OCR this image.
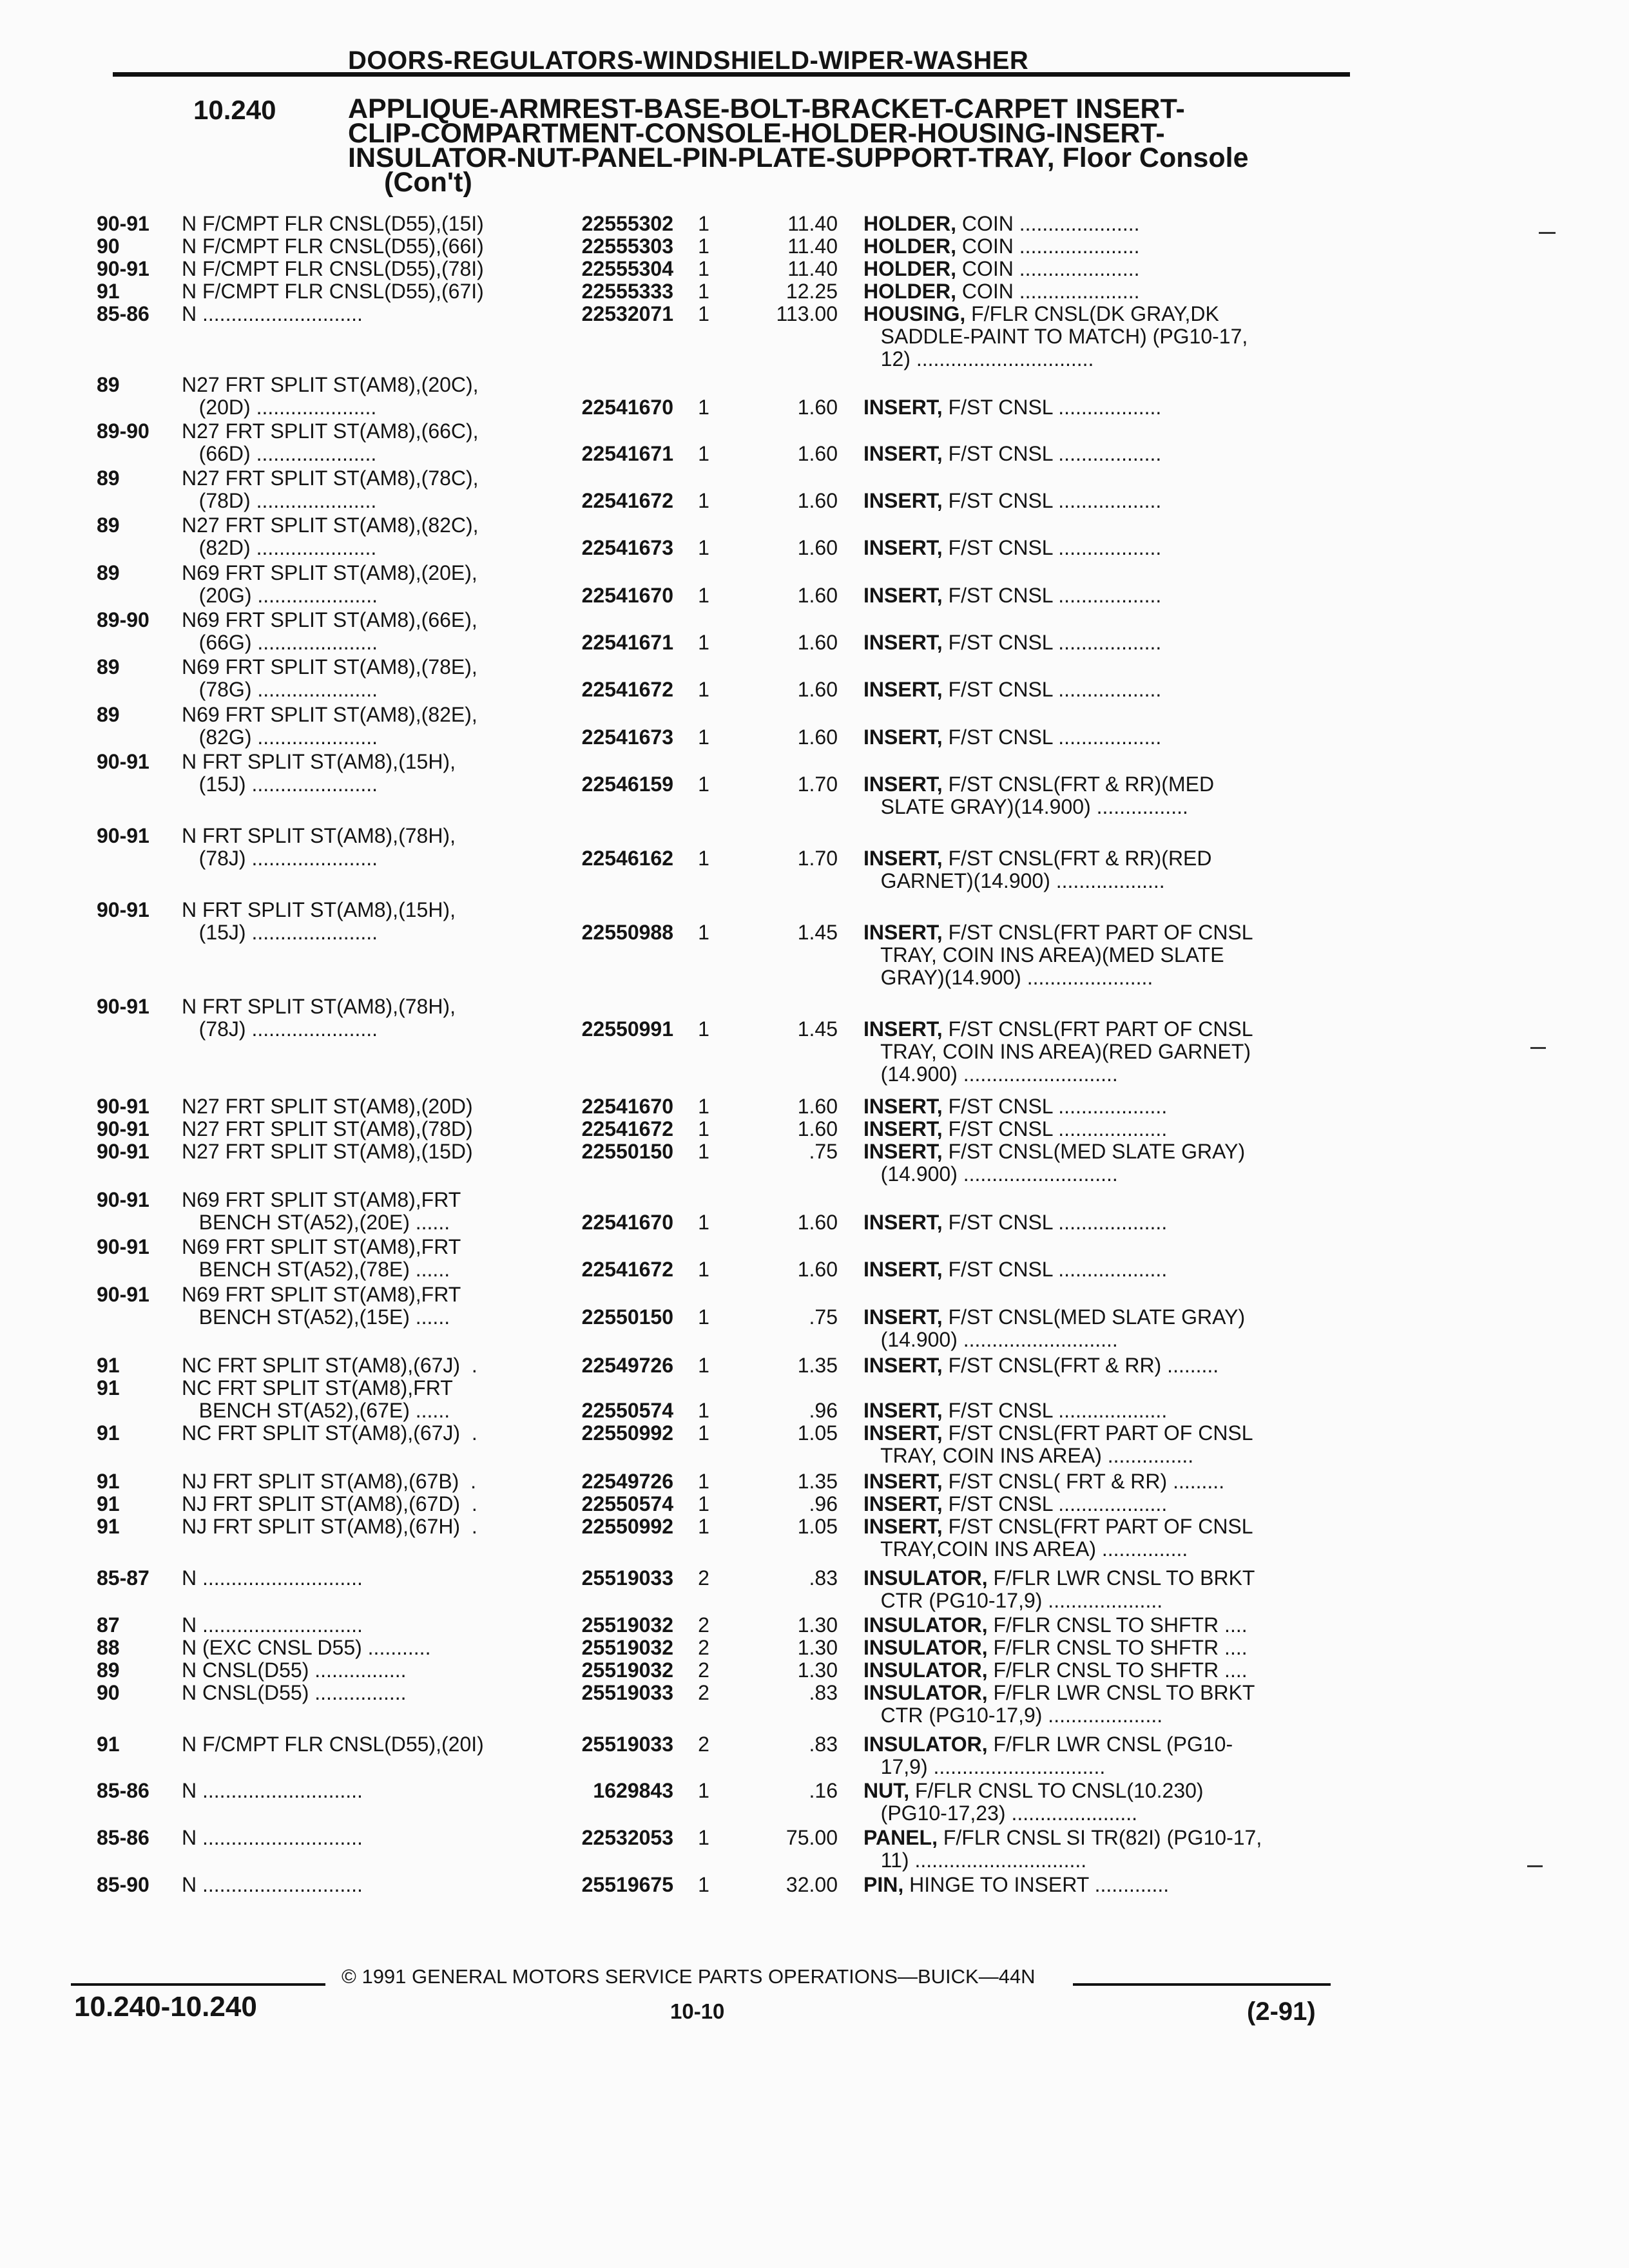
DOORS-REGULATORS-WINDSHIELD-WIPER-WASHER
10.240	APPLIQUE-ARMREST-BASE-BOLT-BRACKET-CARPET INSERT-
CLIP-COMPARTMENT-CONSOLE-HOLDER-HOUSING-INSERT-
INSULATOR-NUT-PANEL-PIN-PLATE-SUPPORT-TRAY, Floor Console
(Con't)
90-91	N F/CMPT FLR CNSL(D55),(15I)	22555302 1	11.40 HOLDER, COIN .....................
90	N F/CMPT FLR CNSL(D55),(66I)	22555303 1	11.40 HOLDER, COIN .....................
90-91	N F/CMPT FLR CNSL(D55),(78I)	22555304 1	11.40 HOLDER, COIN .....................
91	N F/CMPT FLR CNSL(D55),(67I)	22555333 1	12.25 HOLDER, COIN .....................
85-86	N ............................	22532071 1	113.00 HOUSING, F/FLR CNSL(DK GRAY,DK
SADDLE-PAINT TO MATCH) (PG10-17,
12) ...............................
89	N27 FRT SPLIT ST(AM8),(20C),
(20D) .....................	22541670 1	1.60 INSERT, F/ST CNSL ..................
89-90	N27 FRT SPLIT ST(AM8),(66C),
(66D) .....................	22541671 1	1.60 INSERT, F/ST CNSL ..................
89	N27 FRT SPLIT ST(AM8),(78C),
(78D) .....................	22541672 1	1.60 INSERT, F/ST CNSL ..................
89	N27 FRT SPLIT ST(AM8),(82C),
(82D) .....................	22541673 1	1.60 INSERT, F/ST CNSL ..................
89	N69 FRT SPLIT ST(AM8),(20E),
(20G) .....................	22541670 1	1.60 INSERT, F/ST CNSL ..................
89-90	N69 FRT SPLIT ST(AM8),(66E),
(66G) .....................	22541671 1	1.60 INSERT, F/ST CNSL ..................
89	N69 FRT SPLIT ST(AM8),(78E),
(78G) .....................	22541672 1	1.60 INSERT, F/ST CNSL ..................
89	N69 FRT SPLIT ST(AM8),(82E),
(82G) .....................	22541673 1	1.60 INSERT, F/ST CNSL ..................
90-91	N FRT SPLIT ST(AM8),(15H),
(15J) ......................	22546159 1	1.70 INSERT, F/ST CNSL(FRT & RR)(MED
SLATE GRAY)(14.900) ................
90-91	N FRT SPLIT ST(AM8),(78H),
(78J) ......................	22546162 1	1.70 INSERT, F/ST CNSL(FRT & RR)(RED
GARNET)(14.900) ...................
90-91	N FRT SPLIT ST(AM8),(15H),
(15J) ......................	22550988 1	1.45 INSERT, F/ST CNSL(FRT PART OF CNSL
TRAY, COIN INS AREA)(MED SLATE
GRAY)(14.900) ......................
90-91	N FRT SPLIT ST(AM8),(78H),
(78J) ......................	22550991 1	1.45 INSERT, F/ST CNSL(FRT PART OF CNSL
TRAY, COIN INS AREA)(RED GARNET)
(14.900) ...........................
90-91	N27 FRT SPLIT ST(AM8),(20D)	22541670 1	1.60 INSERT, F/ST CNSL ...................
90-91	N27 FRT SPLIT ST(AM8),(78D)	22541672 1	1.60 INSERT, F/ST CNSL ...................
90-91	N27 FRT SPLIT ST(AM8),(15D)	22550150 1	.75 INSERT, F/ST CNSL(MED SLATE GRAY)
(14.900) ...........................
90-91	N69 FRT SPLIT ST(AM8),FRT
BENCH ST(A52),(20E) ......	22541670 1	1.60 INSERT, F/ST CNSL ...................
90-91	N69 FRT SPLIT ST(AM8),FRT
BENCH ST(A52),(78E) ......	22541672 1	1.60 INSERT, F/ST CNSL ...................
90-91	N69 FRT SPLIT ST(AM8),FRT
BENCH ST(A52),(15E) ......	22550150 1	.75 INSERT, F/ST CNSL(MED SLATE GRAY)
(14.900) ...........................
91	NC FRT SPLIT ST(AM8),(67J)  .	22549726 1	1.35 INSERT, F/ST CNSL(FRT & RR) .........
91	NC FRT SPLIT ST(AM8),FRT
BENCH ST(A52),(67E) ......	22550574 1	.96 INSERT, F/ST CNSL ...................
91	NC FRT SPLIT ST(AM8),(67J)  .	22550992 1	1.05 INSERT, F/ST CNSL(FRT PART OF CNSL
TRAY, COIN INS AREA) ...............
91	NJ FRT SPLIT ST(AM8),(67B)  .	22549726 1	1.35 INSERT, F/ST CNSL( FRT & RR) .........
91	NJ FRT SPLIT ST(AM8),(67D)  .	22550574 1	.96 INSERT, F/ST CNSL ...................
91	NJ FRT SPLIT ST(AM8),(67H)  .	22550992 1	1.05 INSERT, F/ST CNSL(FRT PART OF CNSL
TRAY,COIN INS AREA) ...............
85-87	N ............................	25519033 2	.83 INSULATOR, F/FLR LWR CNSL TO BRKT
CTR (PG10-17,9) ....................
87	N ............................	25519032 2	1.30 INSULATOR, F/FLR CNSL TO SHFTR ....
88	N (EXC CNSL D55) ...........	25519032 2	1.30 INSULATOR, F/FLR CNSL TO SHFTR ....
89	N CNSL(D55) ................	25519032 2	1.30 INSULATOR, F/FLR CNSL TO SHFTR ....
90	N CNSL(D55) ................	25519033 2	.83 INSULATOR, F/FLR LWR CNSL TO BRKT
CTR (PG10-17,9) ....................
91	N F/CMPT FLR CNSL(D55),(20I)	25519033 2	.83 INSULATOR, F/FLR LWR CNSL (PG10-
17,9) ..............................
85-86	N ............................	1629843 1	.16 NUT, F/FLR CNSL TO CNSL(10.230)
(PG10-17,23) ......................
85-86	N ............................	22532053 1	75.00 PANEL, F/FLR CNSL SI TR(82I) (PG10-17,
11) ..............................
85-90	N ............................	25519675 1	32.00 PIN, HINGE TO INSERT .............
© 1991 GENERAL MOTORS SERVICE PARTS OPERATIONS—BUICK—44N
10.240-10.240	10-10	(2-91)
